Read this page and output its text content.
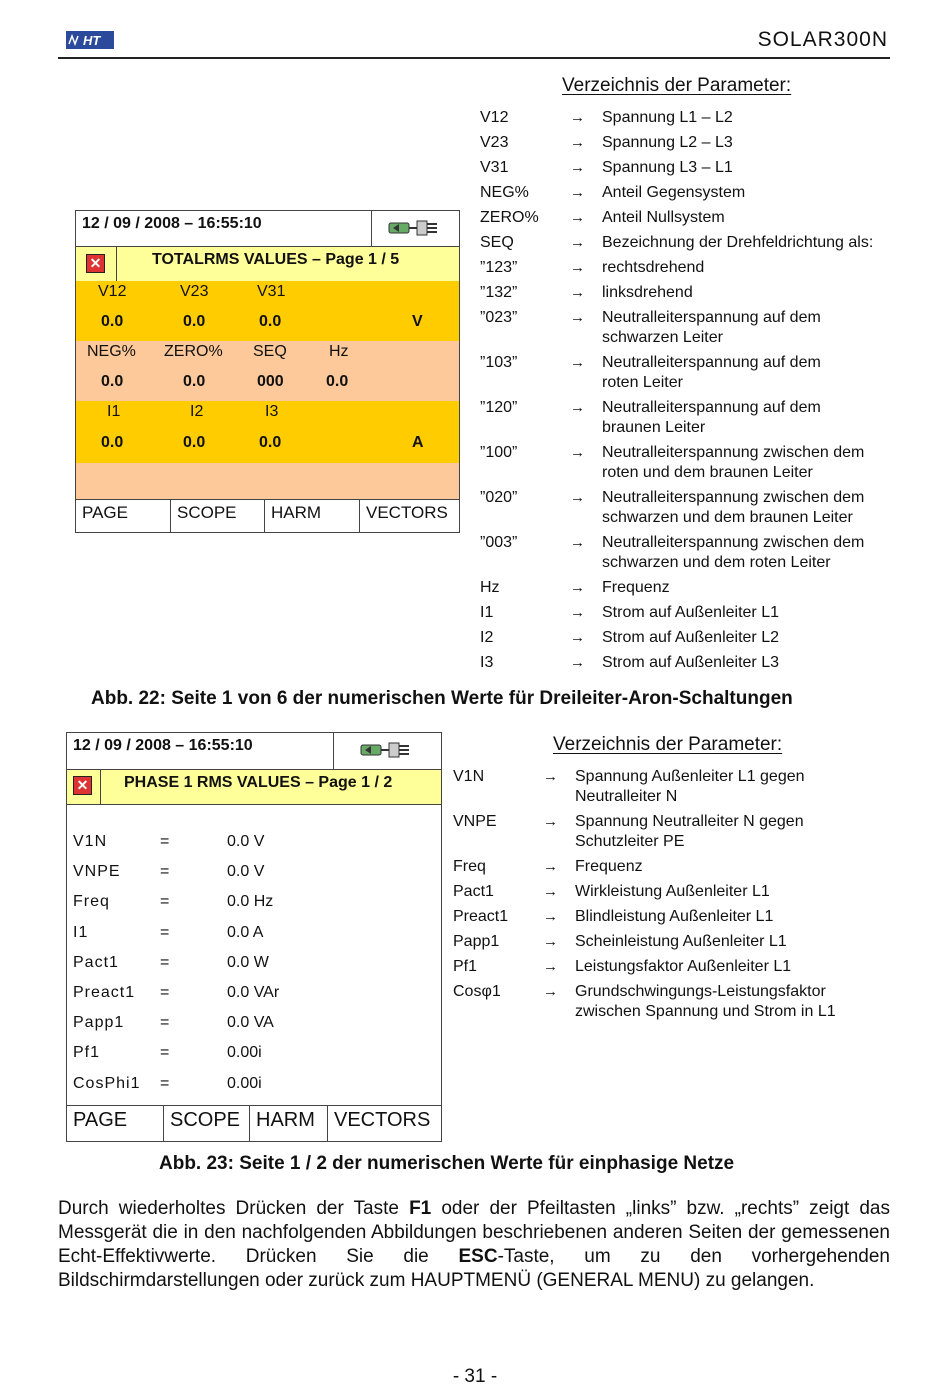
HT	SOLAR300N
12 / 09 / 2008 – 16:55:10
✕	TOTALRMS VALUES – Page 1 / 5
V12	V23	V31
0.0	0.0	0.0	V
NEG% ZERO% SEQ	Hz
0.0	0.0	000	0.0
I1	I2	I3
0.0	0.0	0.0	A
PAGE	SCOPE	HARM	VECTORS
Verzeichnis der Parameter:
V12	→ Spannung L1 – L2
V23	→ Spannung L2 – L3
V31	→ Spannung L3 – L1
NEG%	→ Anteil Gegensystem
ZERO% → Anteil Nullsystem
SEQ	→ Bezeichnung der Drehfeldrichtung als:
”123”	→ rechtsdrehend
”132”	→ linksdrehend
”023”	→ Neutralleiterspannung auf dem
schwarzen Leiter
”103”	→ Neutralleiterspannung auf dem
roten Leiter
”120”	→ Neutralleiterspannung auf dem
braunen Leiter
”100”	→ Neutralleiterspannung zwischen dem
roten und dem braunen Leiter
”020”	→ Neutralleiterspannung zwischen dem
schwarzen und dem braunen Leiter
”003”	→ Neutralleiterspannung zwischen dem
schwarzen und dem roten Leiter
Hz	→ Frequenz
I1	→ Strom auf Außenleiter L1
I2	→ Strom auf Außenleiter L2
I3	→ Strom auf Außenleiter L3
Abb. 22: Seite 1 von 6 der numerischen Werte für Dreileiter-Aron-Schaltungen
12 / 09 / 2008 – 16:55:10
✕ PHASE 1 RMS VALUES – Page 1 / 2
V1N	=	0.0 V
VNPE =	0.0 V
Freq	=	0.0 Hz
I1	=	0.0 A
Pact1	=	0.0 W
Preact1 =	0.0 VAr
Papp1 =	0.0 VA
Pf1	=	0.00i
CosPhi1 =	0.00i
PAGE	SCOPE HARM VECTORS
Verzeichnis der Parameter:
V1N	→ Spannung Außenleiter L1 gegen
Neutralleiter N
VNPE	→ Spannung Neutralleiter N gegen
Schutzleiter PE
Freq	→ Frequenz
Pact1	→ Wirkleistung Außenleiter L1
Preact1 → Blindleistung Außenleiter L1
Papp1	→ Scheinleistung Außenleiter L1
Pf1	→ Leistungsfaktor Außenleiter L1
Cosφ1	→ Grundschwingungs-Leistungsfaktor
zwischen Spannung und Strom in L1
Abb. 23: Seite 1 / 2 der numerischen Werte für einphasige Netze
Durch wiederholtes Drücken der Taste F1 oder der Pfeiltasten „links” bzw. „rechts” zeigt das Messgerät die in den nachfolgenden Abbildungen beschriebenen anderen Seiten der gemessenen Echt-Effektivwerte. Drücken Sie die ESC-Taste, um zu den vorhergehenden Bildschirmdarstellungen oder zurück zum HAUPTMENÜ (GENERAL MENU) zu gelangen.
- 31 -
